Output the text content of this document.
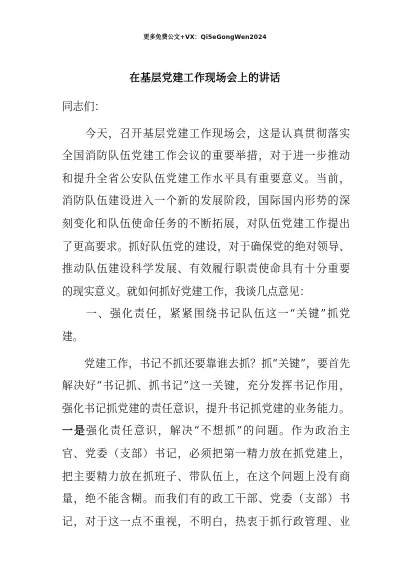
更多免费公文+VX：Qi5eGongWen2024
在基层党建工作现场会上的讲话
同志们：
　　今天，召开基层党建工作现场会，这是认真贯彻落实
全国消防队伍党建工作会议的重要举措，对于进一步推动
和提升全省公安队伍党建工作水平具有重要意义。当前，
消防队伍建设进入一个新的发展阶段，国际国内形势的深
刻变化和队伍使命任务的不断拓展，对队伍党建工作提出
了更高要求。抓好队伍党的建设，对于确保党的绝对领导、
推动队伍建设科学发展、有效履行职责使命具有十分重要
的现实意义。就如何抓好党建工作，我谈几点意见：
　　一、强化责任，紧紧围绕书记队伍这一“关键”抓党
建。
　　党建工作，书记不抓还要靠谁去抓？抓“关键”，要首先
解决好“书记抓、抓书记”这一关键，充分发挥书记作用，
强化书记抓党建的责任意识，提升书记抓党建的业务能力。
一是强化责任意识，解决“不想抓”的问题。作为政治主
官、党委（支部）书记，必须把第一精力放在抓党建上，
把主要精力放在抓班子、带队伍上，在这个问题上没有商
量，绝不能含糊。而我们有的政工干部、党委（支部）书
记，对于这一点不重视，不明白，热衷于抓行政管理、业
